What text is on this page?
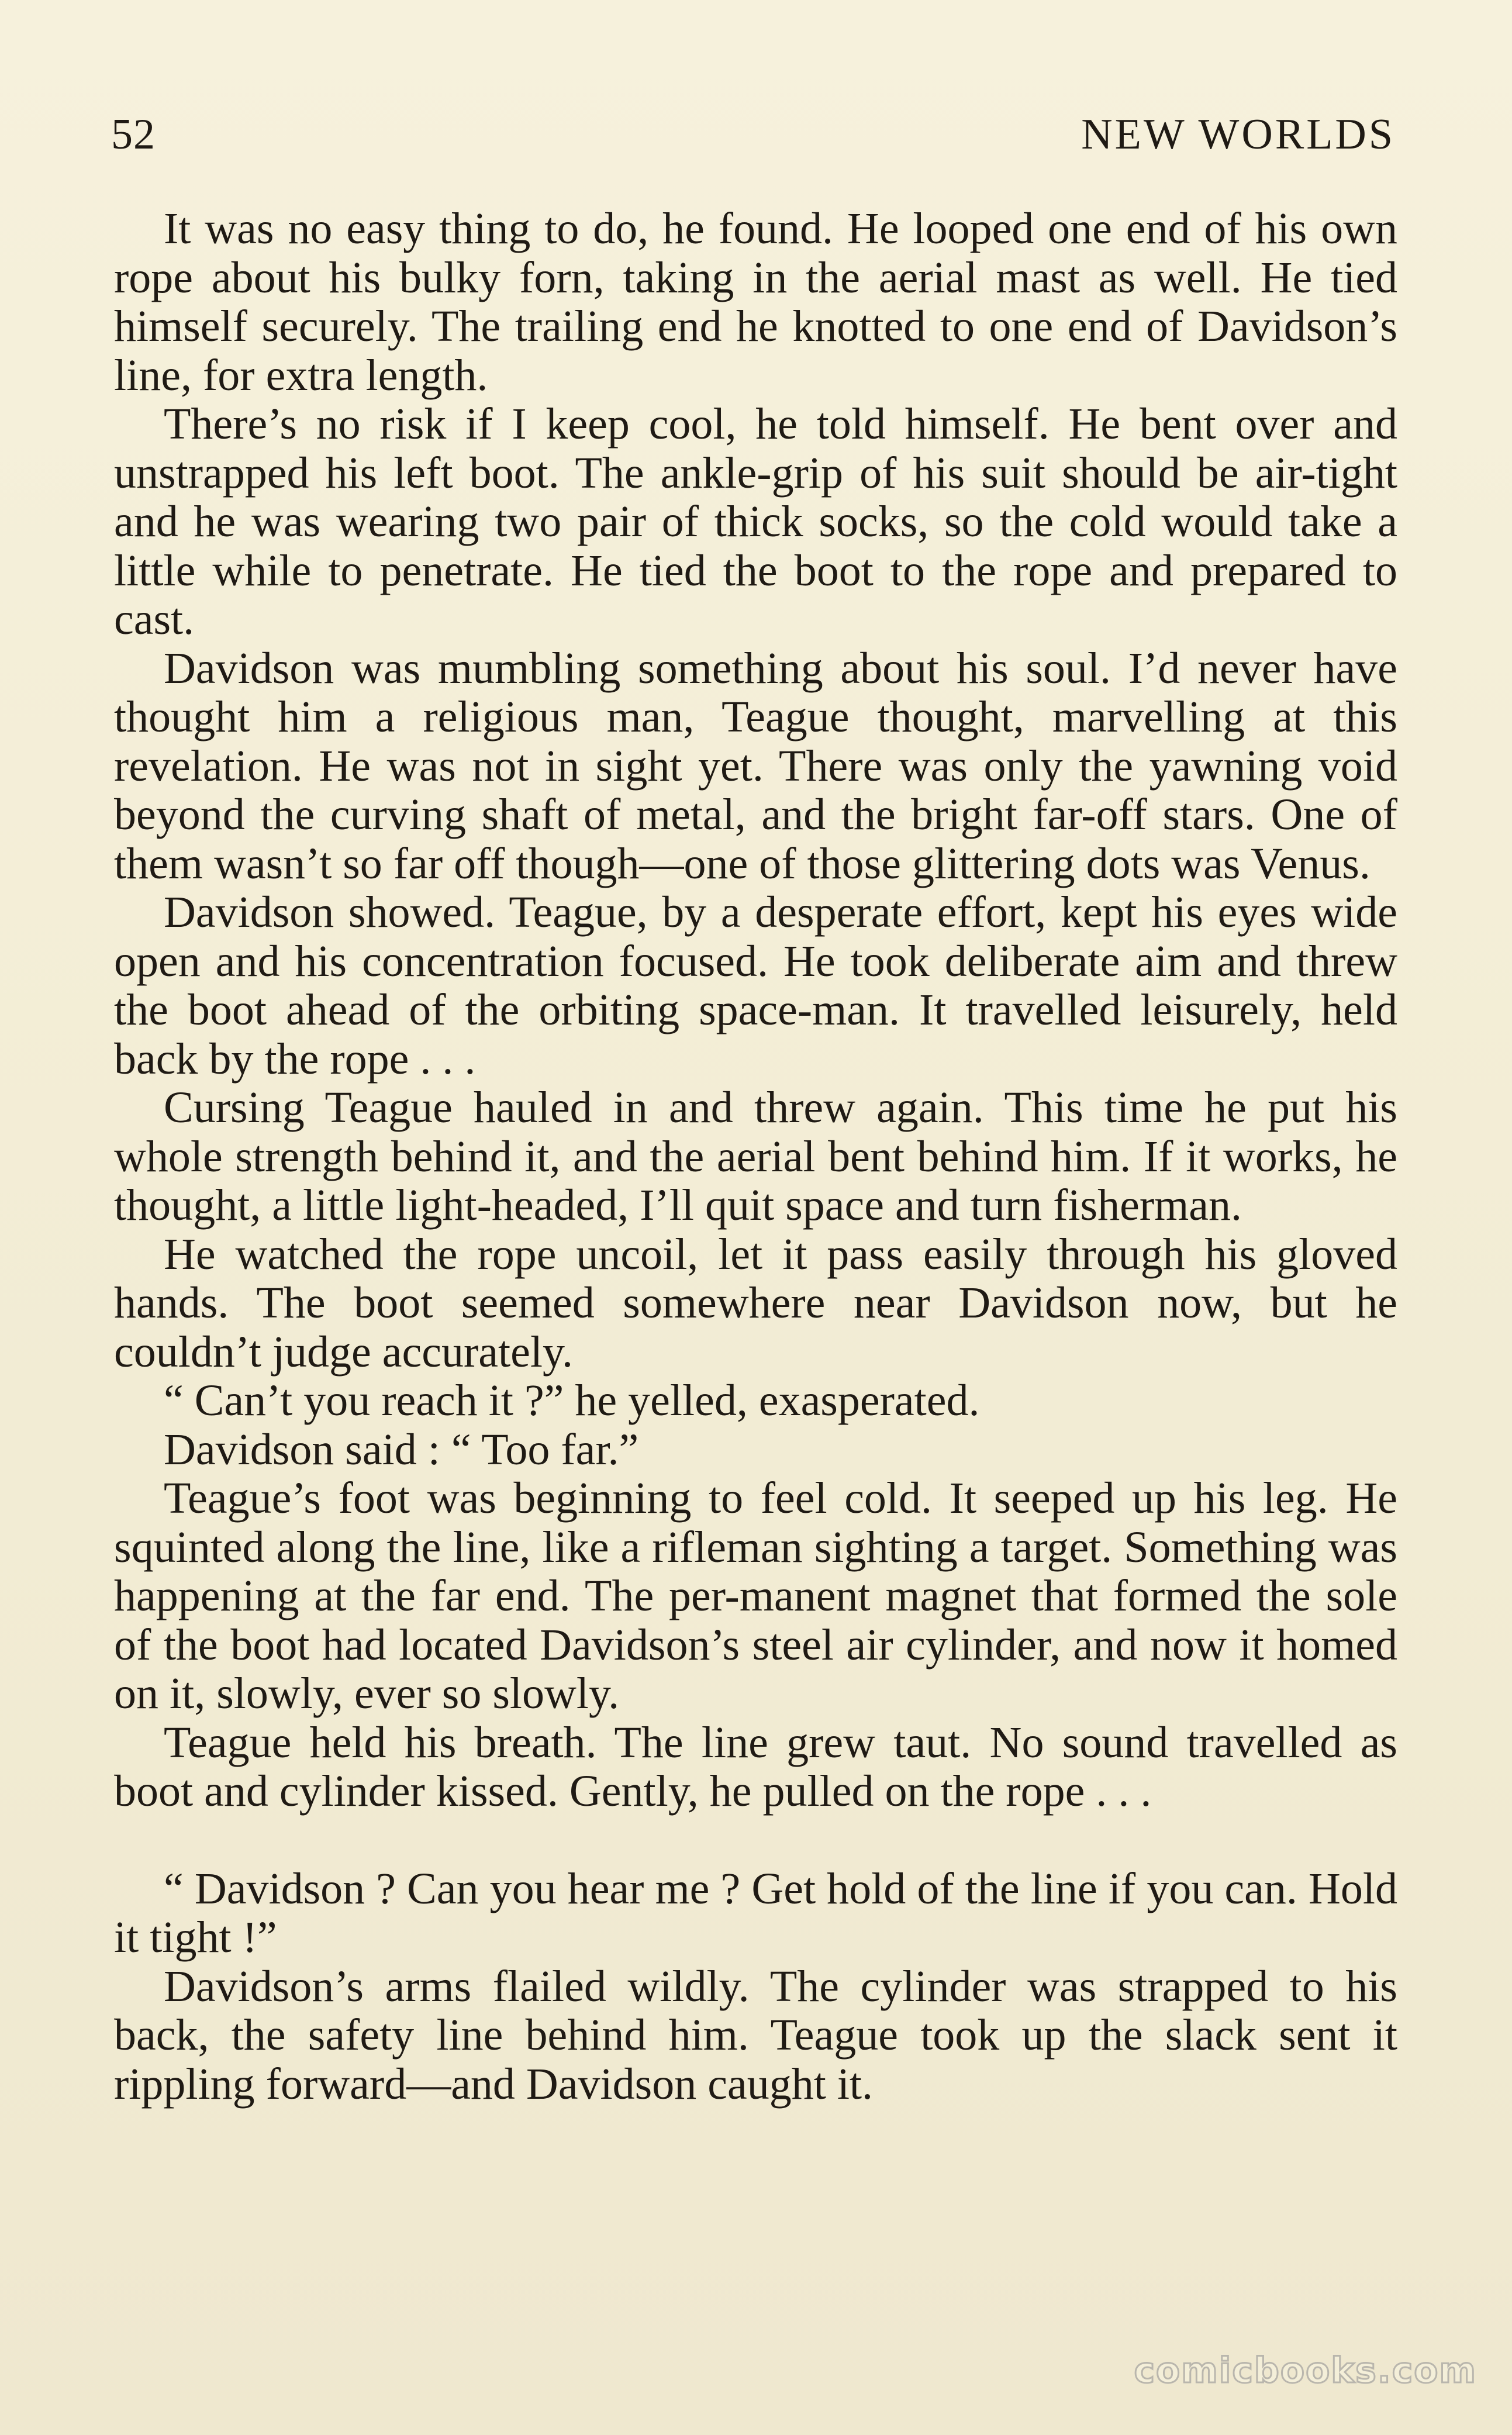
52	NEW WORLDS

It was no easy thing to do, he found. He looped one end of his own rope about his bulky forn, taking in the aerial mast as well. He tied himself securely. The trailing end he knotted to one end of Davidson’s line, for extra length.

There’s no risk if I keep cool, he told himself. He bent over and unstrapped his left boot. The ankle-grip of his suit should be air-tight and he was wearing two pair of thick socks, so the cold would take a little while to penetrate. He tied the boot to the rope and prepared to cast.

Davidson was mumbling something about his soul. I’d never have thought him a religious man, Teague thought, marvelling at this revelation. He was not in sight yet. There was only the yawning void beyond the curving shaft of metal, and the bright far-off stars. One of them wasn’t so far off though—one of those glittering dots was Venus.

Davidson showed. Teague, by a desperate effort, kept his eyes wide open and his concentration focused. He took deliberate aim and threw the boot ahead of the orbiting space-man. It travelled leisurely, held back by the rope . . .

Cursing Teague hauled in and threw again. This time he put his whole strength behind it, and the aerial bent behind him. If it works, he thought, a little light-headed, I’ll quit space and turn fisherman.

He watched the rope uncoil, let it pass easily through his gloved hands. The boot seemed somewhere near Davidson now, but he couldn’t judge accurately.

“ Can’t you reach it ?” he yelled, exasperated.

Davidson said : “ Too far.”

Teague’s foot was beginning to feel cold. It seeped up his leg. He squinted along the line, like a rifleman sighting a target. Something was happening at the far end. The per-manent magnet that formed the sole of the boot had located Davidson’s steel air cylinder, and now it homed on it, slowly, ever so slowly.

Teague held his breath. The line grew taut. No sound travelled as boot and cylinder kissed. Gently, he pulled on the rope . . .

“ Davidson ? Can you hear me ? Get hold of the line if you can. Hold it tight !”

Davidson’s arms flailed wildly. The cylinder was strapped to his back, the safety line behind him. Teague took up the slack sent it rippling forward—and Davidson caught it.

comicbooks.com
